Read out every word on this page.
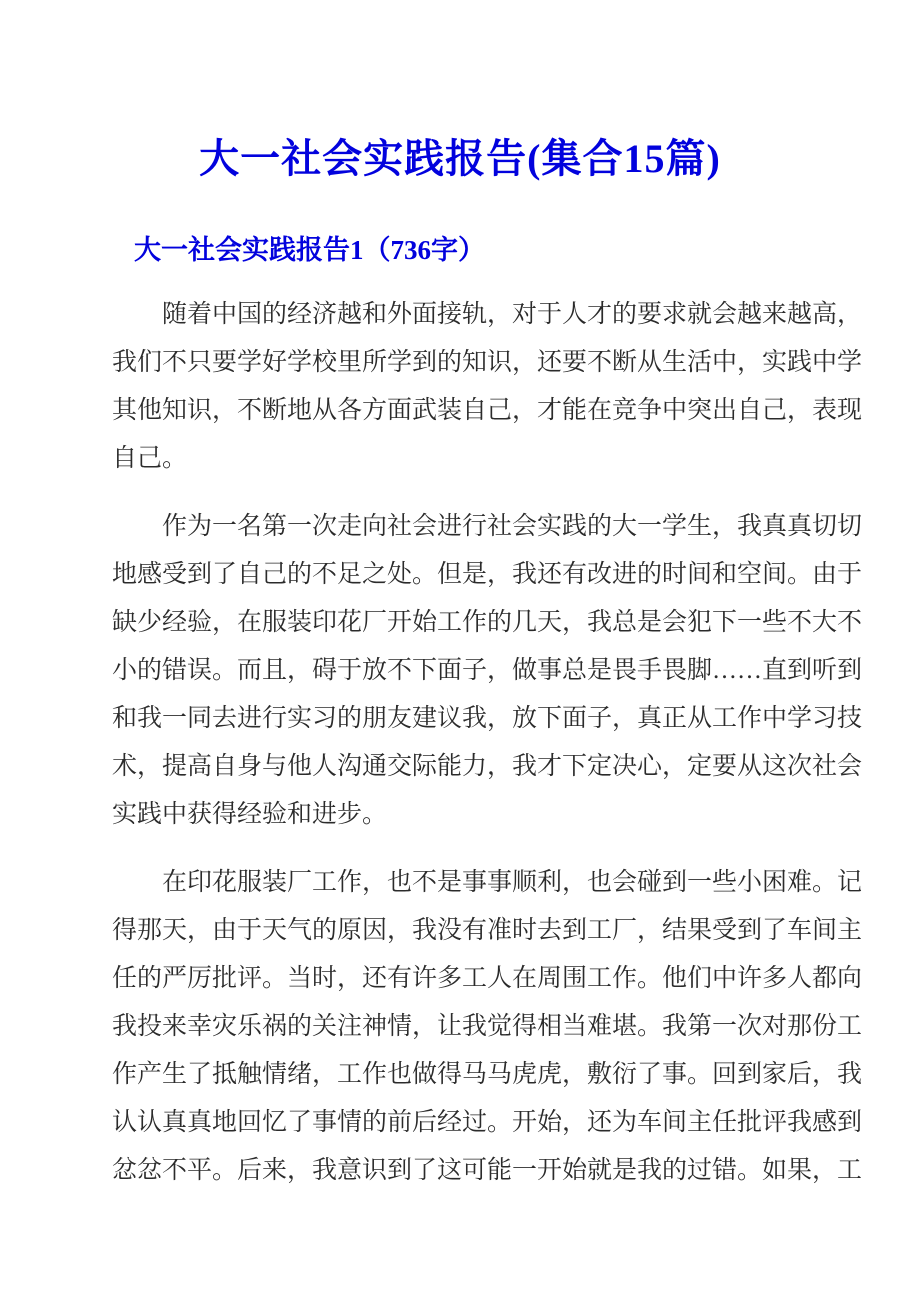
大一社会实践报告(集合15篇)
大一社会实践报告1（736字）

随着中国的经济越和外面接轨，对于人才的要求就会越来越高，我们不只要学好学校里所学到的知识，还要不断从生活中，实践中学其他知识，不断地从各方面武装自己，才能在竞争中突出自己，表现自己。

作为一名第一次走向社会进行社会实践的大一学生，我真真切切地感受到了自己的不足之处。但是，我还有改进的时间和空间。由于缺少经验，在服装印花厂开始工作的几天，我总是会犯下一些不大不小的错误。而且，碍于放不下面子，做事总是畏手畏脚……直到听到和我一同去进行实习的朋友建议我，放下面子，真正从工作中学习技术，提高自身与他人沟通交际能力，我才下定决心，定要从这次社会实践中获得经验和进步。

在印花服装厂工作，也不是事事顺利，也会碰到一些小困难。记得那天，由于天气的原因，我没有准时去到工厂，结果受到了车间主任的严厉批评。当时，还有许多工人在周围工作。他们中许多人都向我投来幸灾乐祸的关注神情，让我觉得相当难堪。我第一次对那份工作产生了抵触情绪，工作也做得马马虎虎，敷衍了事。回到家后，我认认真真地回忆了事情的前后经过。开始，还为车间主任批评我感到忿忿不平。后来，我意识到了这可能一开始就是我的过错。如果，工
